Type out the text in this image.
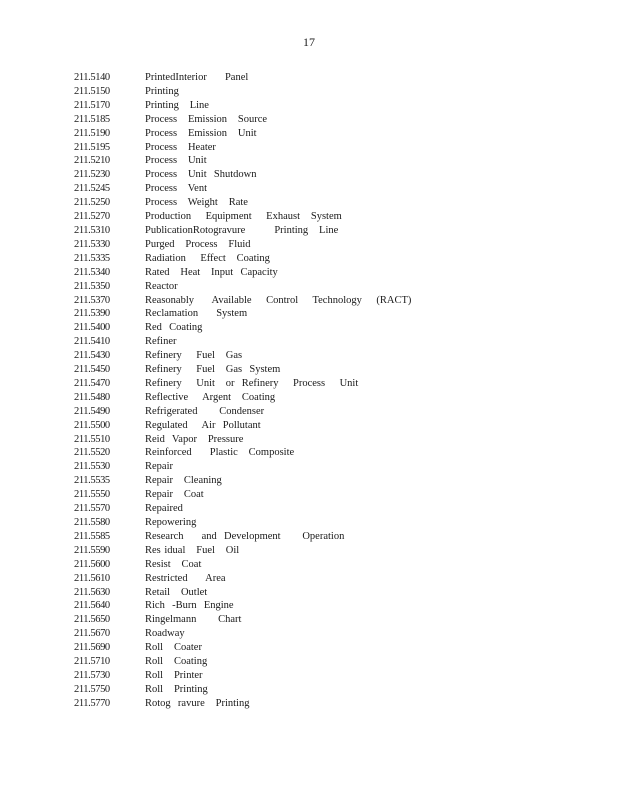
17
211.5140	PrintedInterior     Panel
211.5150	Printing
211.5170	Printing   Line
211.5185	Process   Emission   Source
211.5190	Process   Emission   Unit
211.5195	Process   Heater
211.5210	Process   Unit
211.5230	Process   Unit  Shutdown
211.5245	Process   Vent
211.5250	Process   Weight   Rate
211.5270	Production    Equipment    Exhaust   System
211.5310	PublicationRotogravure        Printing   Line
211.5330	Purged   Process   Fluid
211.5335	Radiation    Effect   Coating
211.5340	Rated   Heat   Input  Capacity
211.5350	Reactor
211.5370	Reasonably     Available    Control    Technology    (RACT)
211.5390	Reclamation     System
211.5400	Red  Coating
211.5410	Refiner
211.5430	Refinery    Fuel   Gas
211.5450	Refinery    Fuel   Gas  System
211.5470	Refinery    Unit   or  Refinery    Process    Unit
211.5480	Reflective    Argent   Coating
211.5490	Refrigerated      Condenser
211.5500	Regulated    Air  Pollutant
211.5510	Reid  Vapor   Pressure
211.5520	Reinforced     Plastic   Composite
211.5530	Repair
211.5535	Repair   Cleaning
211.5550	Repair   Coat
211.5570	Repaired
211.5580	Repowering
211.5585	Research     and  Development      Operation
211.5590	Res idual   Fuel   Oil
211.5600	Resist   Coat
211.5610	Restricted     Area
211.5630	Retail   Outlet
211.5640	Rich  -Burn  Engine
211.5650	Ringelmann      Chart
211.5670	Roadway
211.5690	Roll   Coater
211.5710	Roll   Coating
211.5730	Roll   Printer
211.5750	Roll   Printing
211.5770	Rotog  ravure   Printing
